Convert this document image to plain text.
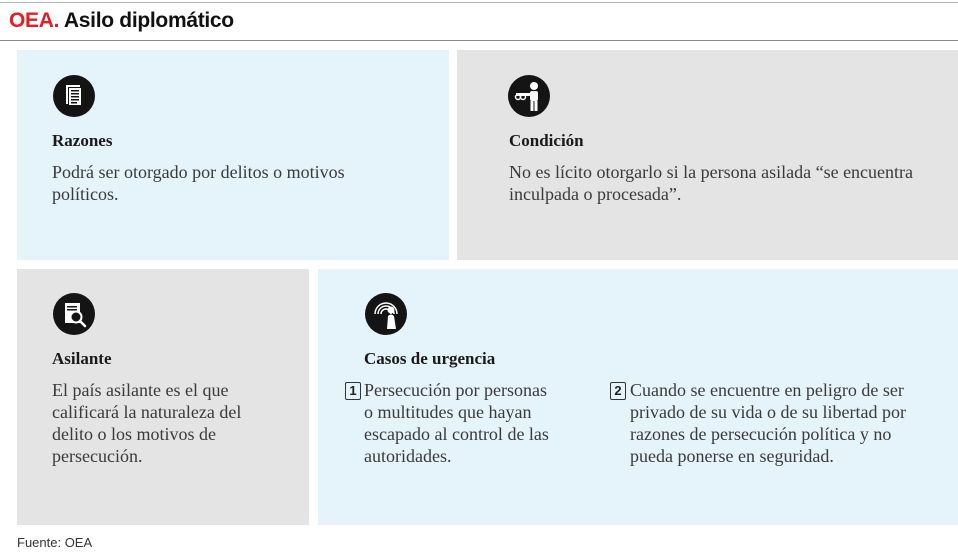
OEA. Asilo diplomático
Razones
Podrá ser otorgado por delitos o motivos
políticos.
Condición
No es lícito otorgarlo si la persona asilada “se encuentra
inculpada o procesada”.
Asilante
El país asilante es el que
calificará la naturaleza del
delito o los motivos de
persecución.
Casos de urgencia
1 Persecución por personas
o multitudes que hayan
escapado al control de las
autoridades.
2 Cuando se encuentre en peligro de ser
privado de su vida o de su libertad por
razones de persecución política y no
pueda ponerse en seguridad.
Fuente: OEA
